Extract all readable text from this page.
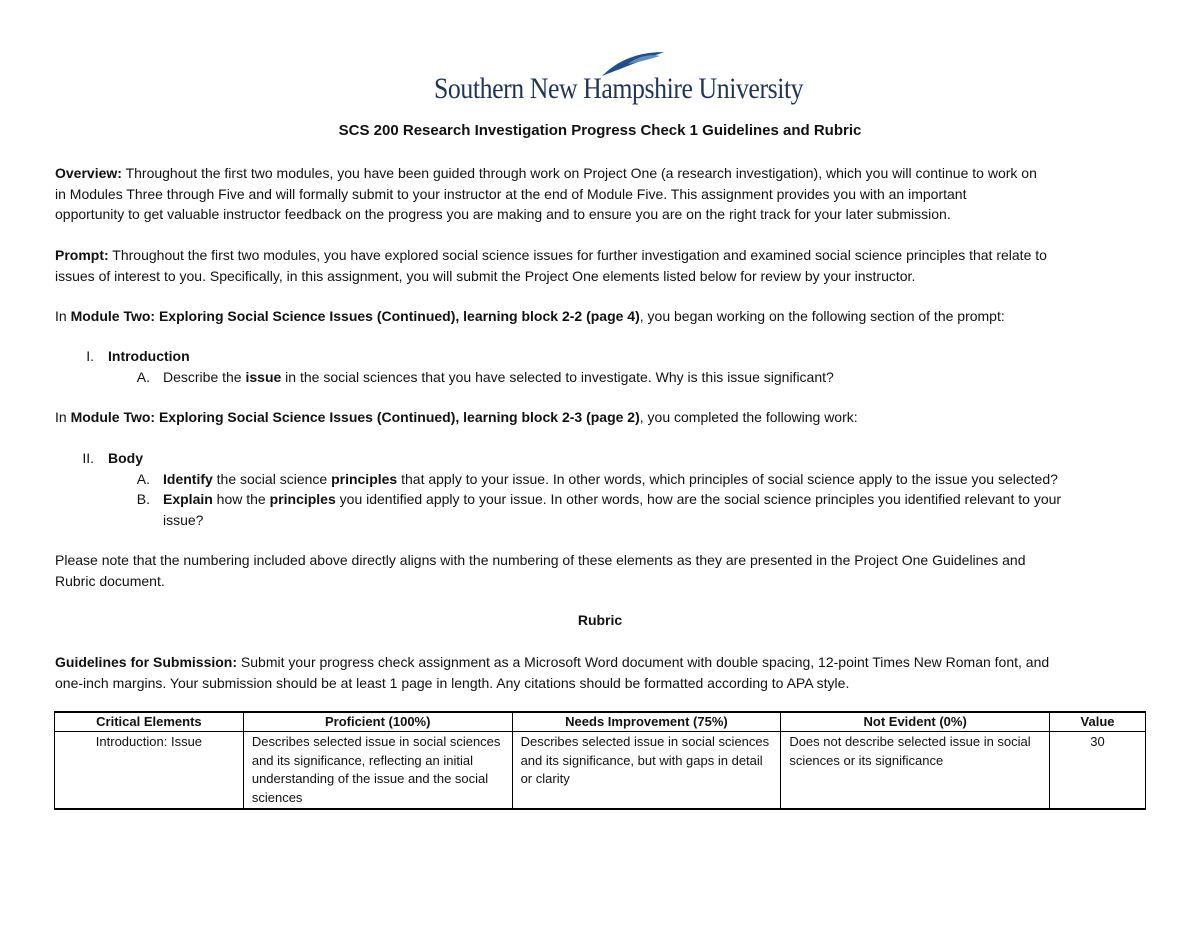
Southern New Hampshire University
SCS 200 Research Investigation Progress Check 1 Guidelines and Rubric
Overview: Throughout the first two modules, you have been guided through work on Project One (a research investigation), which you will continue to work on
in Modules Three through Five and will formally submit to your instructor at the end of Module Five. This assignment provides you with an important
opportunity to get valuable instructor feedback on the progress you are making and to ensure you are on the right track for your later submission.
Prompt: Throughout the first two modules, you have explored social science issues for further investigation and examined social science principles that relate to
issues of interest to you. Specifically, in this assignment, you will submit the Project One elements listed below for review by your instructor.
In Module Two: Exploring Social Science Issues (Continued), learning block 2-2 (page 4), you began working on the following section of the prompt:
I. Introduction
A. Describe the issue in the social sciences that you have selected to investigate. Why is this issue significant?
In Module Two: Exploring Social Science Issues (Continued), learning block 2-3 (page 2), you completed the following work:
II. Body
A. Identify the social science principles that apply to your issue. In other words, which principles of social science apply to the issue you selected?
B. Explain how the principles you identified apply to your issue. In other words, how are the social science principles you identified relevant to your
issue?
Please note that the numbering included above directly aligns with the numbering of these elements as they are presented in the Project One Guidelines and
Rubric document.
Rubric
Guidelines for Submission: Submit your progress check assignment as a Microsoft Word document with double spacing, 12-point Times New Roman font, and
one-inch margins. Your submission should be at least 1 page in length. Any citations should be formatted according to APA style.
Critical Elements	Proficient (100%)	Needs Improvement (75%)	Not Evident (0%)	Value
Introduction: Issue	Describes selected issue in social sciences and its significance, reflecting an initial understanding of the issue and the social sciences	Describes selected issue in social sciences and its significance, but with gaps in detail or clarity	Does not describe selected issue in social sciences or its significance	30
